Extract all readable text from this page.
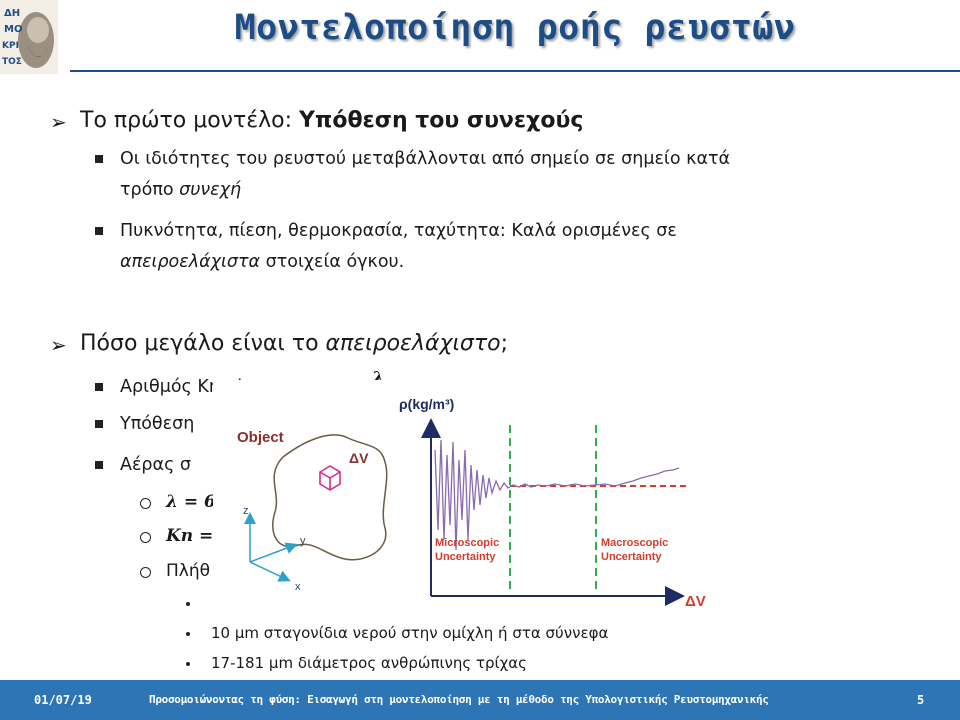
ΔΗ
ΜΟ
ΚΡΙ
ΤΟΣ
Μοντελοποίηση ροής ρευστών
➢ Το πρώτο μοντέλο: Υπόθεση του συνεχούς
Οι ιδιότητες του ρευστού μεταβάλλονται από σημείο σε σημείο κατά
τρόπο συνεχή
Πυκνότητα, πίεση, θερμοκρασία, ταχύτητα: Καλά ορισμένες σε
απειροελάχιστα στοιχεία όγκου.
➢ Πόσο μεγάλο είναι το απειροελάχιστο;
Αριθμός Knudsen	λ
Υπόθεση
Αέρας σ
λ = 6·
Kn = 6
Πλήθ
10 μm σταγονίδια νερού στην ομίχλη ή στα σύννεφα
17-181 μm διάμετρος ανθρώπινης τρίχας
Object
ΔV
z
y
x
ρ(kg/m³)
ΔV
Microscopic
Uncertainty
Macroscopic
Uncertainty
01/07/19	Προσομοιώνοντας τη φύση: Εισαγωγή στη μοντελοποίηση με τη μέθοδο της Υπολογιστικής Ρευστομηχανικής	5
